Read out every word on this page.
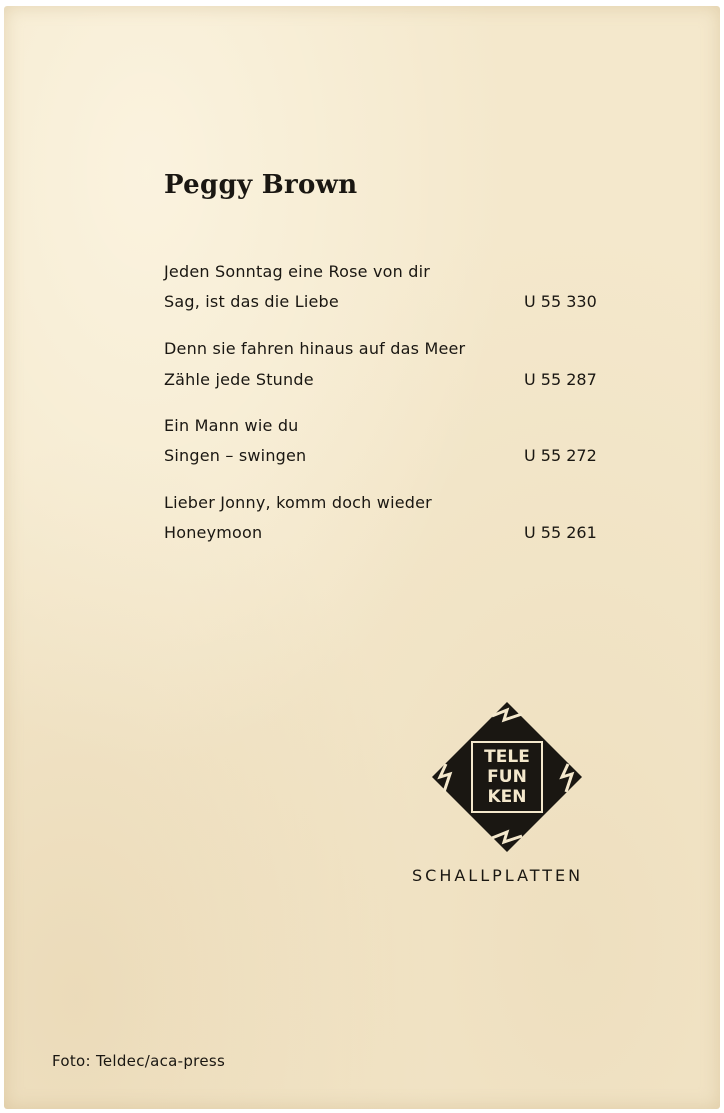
Peggy Brown
Jeden Sonntag eine Rose von dir
Sag, ist das die Liebe	U 55 330
Denn sie fahren hinaus auf das Meer
Zähle jede Stunde	U 55 287
Ein Mann wie du
Singen – swingen	U 55 272
Lieber Jonny, komm doch wieder
Honeymoon	U 55 261
TELE
FUN
KEN
SCHALLPLATTEN
Foto: Teldec/aca-press
